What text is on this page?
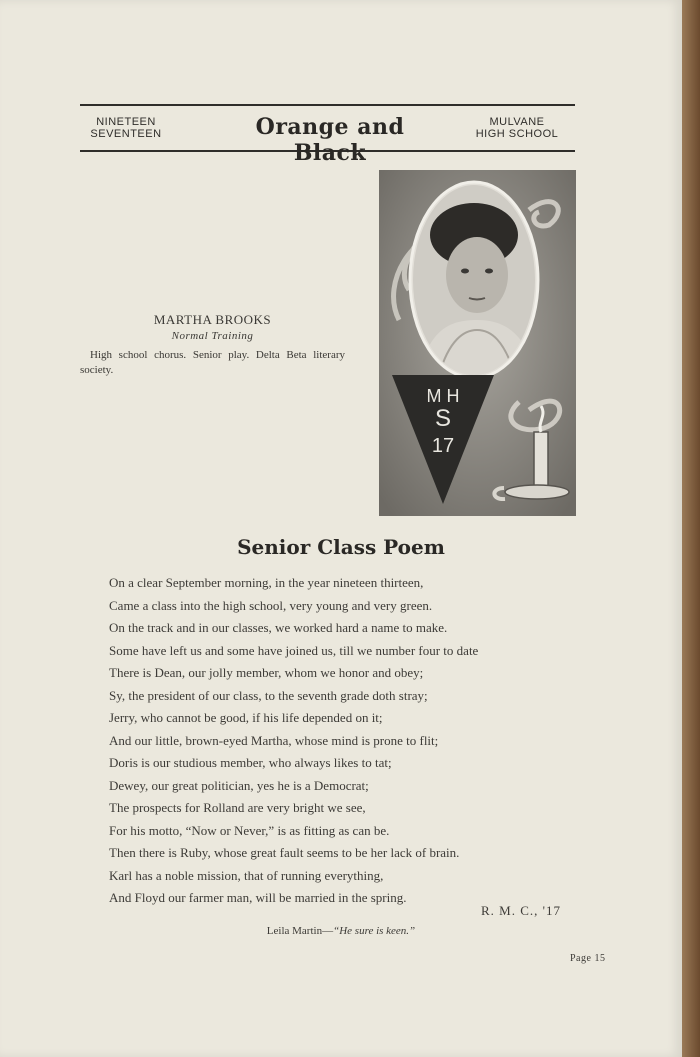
NINETEEN
SEVENTEEN	Orange and Black
MULVANE
HIGH SCHOOL
MARTHA BROOKS
Normal Training
High school chorus. Senior play. Delta Beta literary society.
M H
S
17
Senior Class Poem
On a clear September morning, in the year nineteen thirteen,
Came a class into the high school, very young and very green.
On the track and in our classes, we worked hard a name to make.
Some have left us and some have joined us, till we number four to date
There is Dean, our jolly member, whom we honor and obey;
Sy, the president of our class, to the seventh grade doth stray;
Jerry, who cannot be good, if his life depended on it;
And our little, brown-eyed Martha, whose mind is prone to flit;
Doris is our studious member, who always likes to tat;
Dewey, our great politician, yes he is a Democrat;
The prospects for Rolland are very bright we see,
For his motto, “Now or Never,” is as fitting as can be.
Then there is Ruby, whose great fault seems to be her lack of brain.
Karl has a noble mission, that of running everything,
And Floyd our farmer man, will be married in the spring.
R. M. C., '17
Leila Martin—“He sure is keen.”
Page 15
